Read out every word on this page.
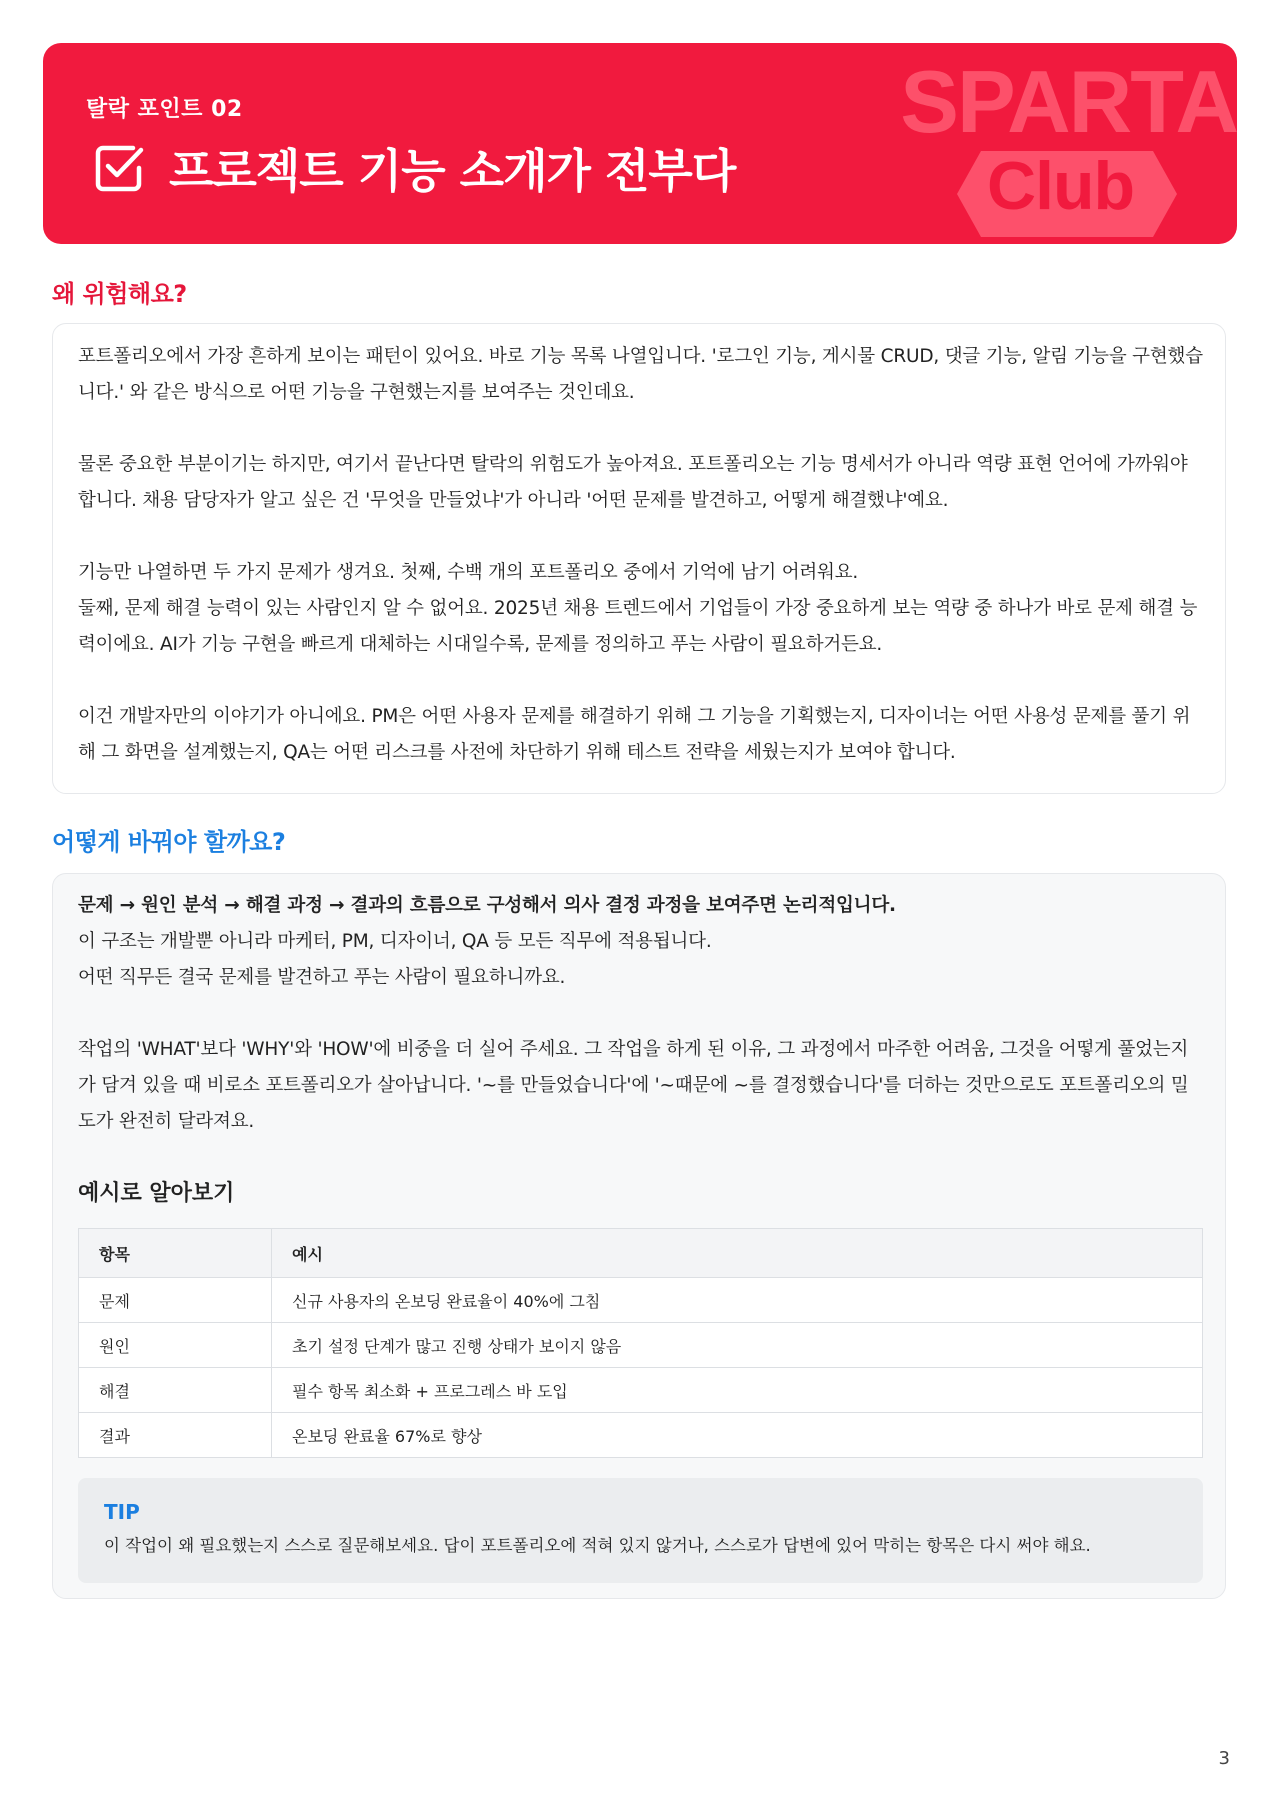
탈락 포인트 02
프로젝트 기능 소개가 전부다
SPARTA
Club
왜 위험해요?

포트폴리오에서 가장 흔하게 보이는 패턴이 있어요. 바로 기능 목록 나열입니다. '로그인 기능, 게시물 CRUD, 댓글 기능, 알림 기능을 구현했습니다.' 와 같은 방식으로 어떤 기능을 구현했는지를 보여주는 것인데요.

물론 중요한 부분이기는 하지만, 여기서 끝난다면 탈락의 위험도가 높아져요. 포트폴리오는 기능 명세서가 아니라 역량 표현 언어에 가까워야 합니다. 채용 담당자가 알고 싶은 건 '무엇을 만들었냐'가 아니라 '어떤 문제를 발견하고, 어떻게 해결했냐'예요.

기능만 나열하면 두 가지 문제가 생겨요. 첫째, 수백 개의 포트폴리오 중에서 기억에 남기 어려워요.

둘째, 문제 해결 능력이 있는 사람인지 알 수 없어요. 2025년 채용 트렌드에서 기업들이 가장 중요하게 보는 역량 중 하나가 바로 문제 해결 능력이에요. AI가 기능 구현을 빠르게 대체하는 시대일수록, 문제를 정의하고 푸는 사람이 필요하거든요.

이건 개발자만의 이야기가 아니에요. PM은 어떤 사용자 문제를 해결하기 위해 그 기능을 기획했는지, 디자이너는 어떤 사용성 문제를 풀기 위해 그 화면을 설계했는지, QA는 어떤 리스크를 사전에 차단하기 위해 테스트 전략을 세웠는지가 보여야 합니다.

어떻게 바꿔야 할까요?

문제 → 원인 분석 → 해결 과정 → 결과의 흐름으로 구성해서 의사 결정 과정을 보여주면 논리적입니다.

이 구조는 개발뿐 아니라 마케터, PM, 디자이너, QA 등 모든 직무에 적용됩니다.

어떤 직무든 결국 문제를 발견하고 푸는 사람이 필요하니까요.

작업의 'WHAT'보다 'WHY'와 'HOW'에 비중을 더 실어 주세요. 그 작업을 하게 된 이유, 그 과정에서 마주한 어려움, 그것을 어떻게 풀었는지가 담겨 있을 때 비로소 포트폴리오가 살아납니다. '~를 만들었습니다'에 '~때문에 ~를 결정했습니다'를 더하는 것만으로도 포트폴리오의 밀도가 완전히 달라져요.

예시로 알아보기
항목	예시
문제	신규 사용자의 온보딩 완료율이 40%에 그침
원인	초기 설정 단계가 많고 진행 상태가 보이지 않음
해결	필수 항목 최소화 + 프로그레스 바 도입
결과	온보딩 완료율 67%로 향상
TIP
이 작업이 왜 필요했는지 스스로 질문해보세요. 답이 포트폴리오에 적혀 있지 않거나, 스스로가 답변에 있어 막히는 항목은 다시 써야 해요.
3
